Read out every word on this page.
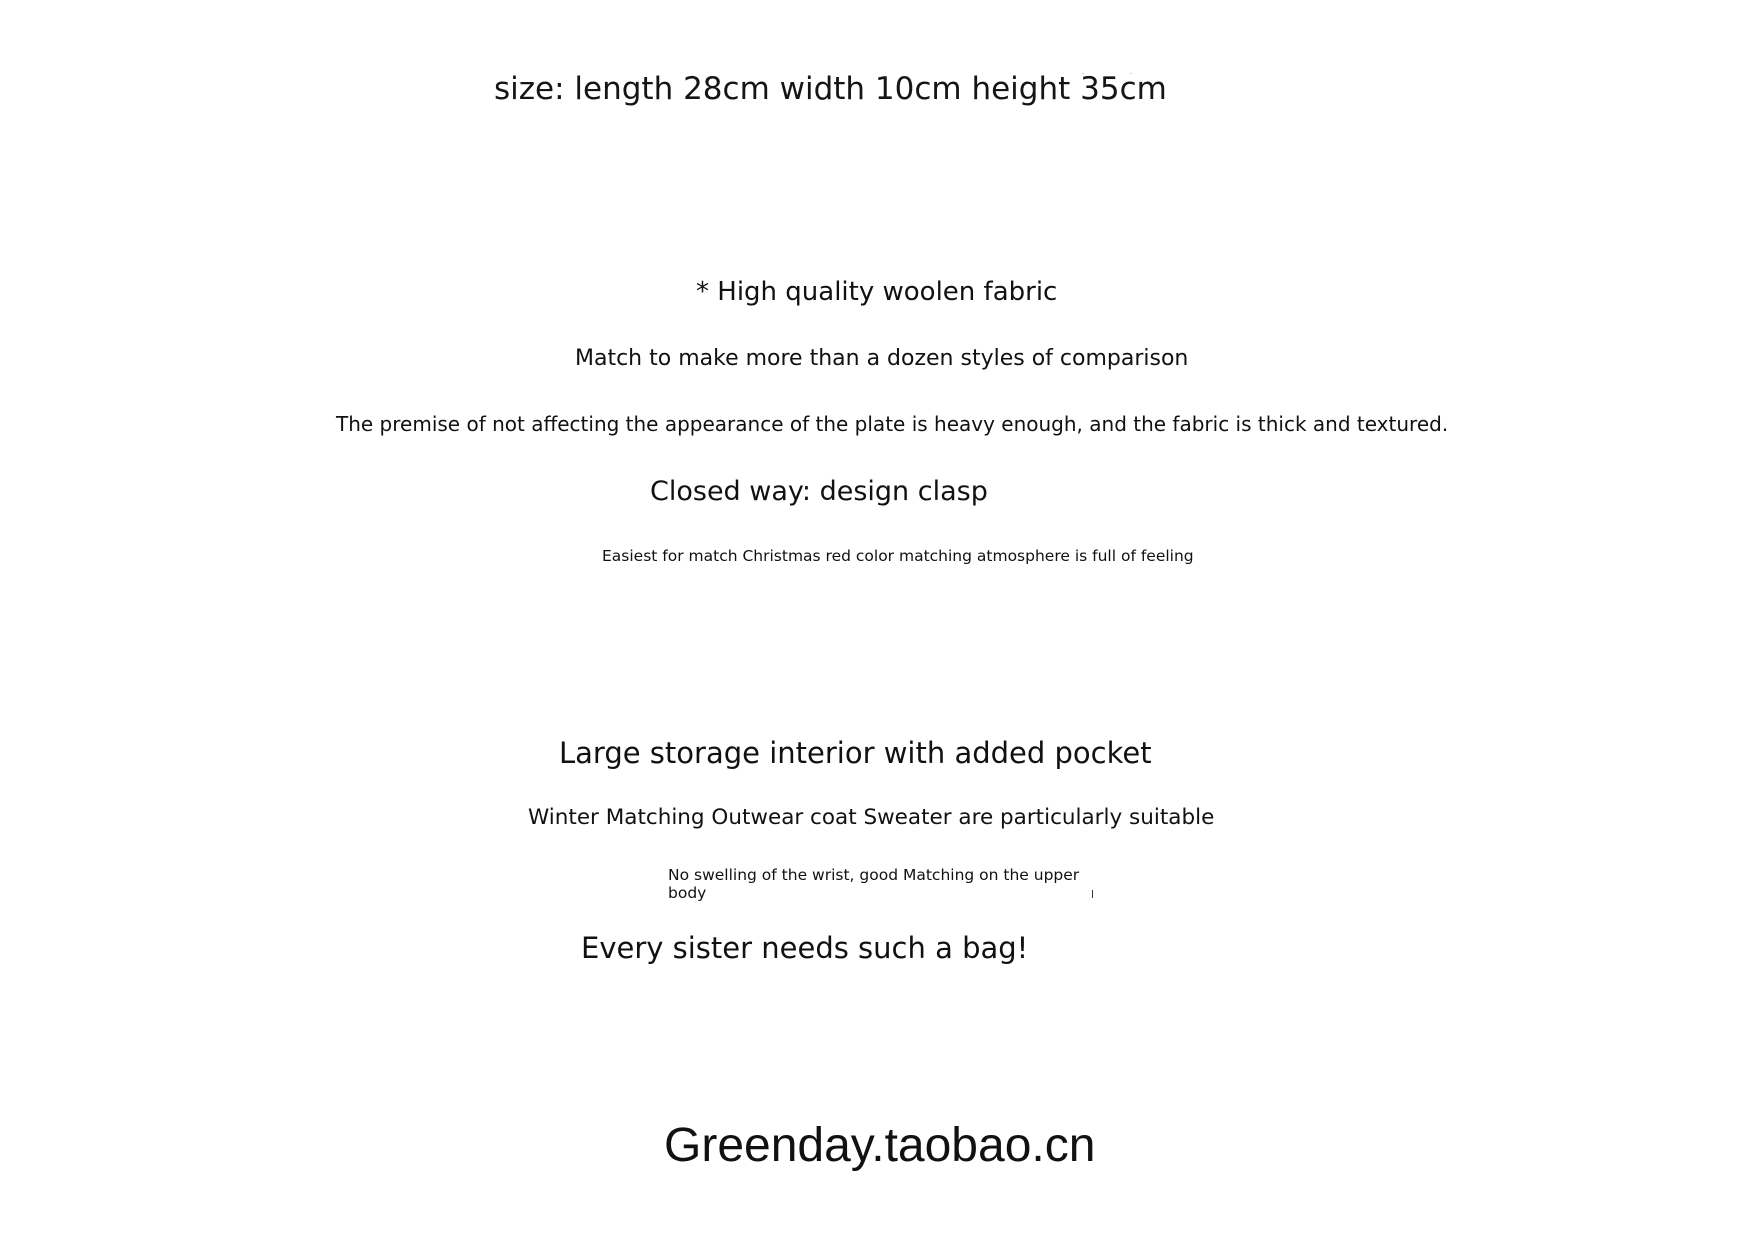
size: length 28cm width 10cm height 35cm

* High quality woolen fabric

Match to make more than a dozen styles of comparison

The premise of not affecting the appearance of the plate is heavy enough, and the fabric is thick and textured.

Closed way: design clasp

Easiest for match Christmas red color matching atmosphere is full of feeling

Large storage interior with added pocket

Winter Matching Outwear coat Sweater are particularly suitable

No swelling of the wrist, good Matching on the upper body

Every sister needs such a bag!

Greenday.taobao.cn
